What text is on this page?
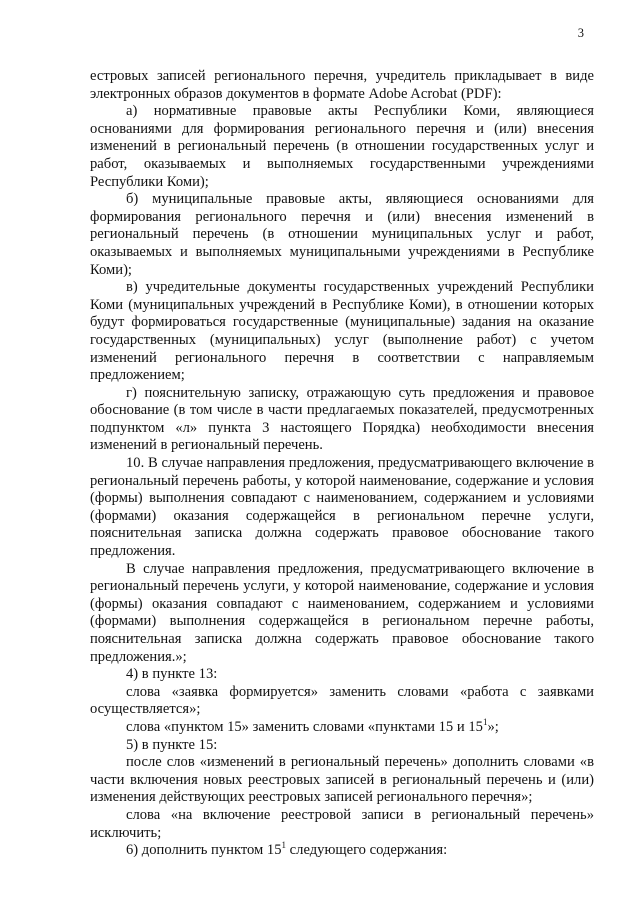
3

естровых записей регионального перечня, учредитель прикладывает в виде электронных образов документов в формате Adobe Acrobat (PDF):

а) нормативные правовые акты Республики Коми, являющиеся основаниями для формирования регионального перечня и (или) внесения изменений в региональный перечень (в отношении государственных услуг и работ, оказываемых и выполняемых государственными учреждениями Республики Коми);

б) муниципальные правовые акты, являющиеся основаниями для формирования регионального перечня и (или) внесения изменений в региональный перечень (в отношении муниципальных услуг и работ, оказываемых и выполняемых муниципальными учреждениями в Республике Коми);

в) учредительные документы государственных учреждений Республики Коми (муниципальных учреждений в Республике Коми), в отношении которых будут формироваться государственные (муниципальные) задания на оказание государственных (муниципальных) услуг (выполнение работ) с учетом изменений регионального перечня в соответствии с направляемым предложением;

г) пояснительную записку, отражающую суть предложения и правовое обоснование (в том числе в части предлагаемых показателей, предусмотренных подпунктом «л» пункта 3 настоящего Порядка) необходимости внесения изменений в региональный перечень.

10. В случае направления предложения, предусматривающего включение в региональный перечень работы, у которой наименование, содержание и условия (формы) выполнения совпадают с наименованием, содержанием и условиями (формами) оказания содержащейся в региональном перечне услуги, пояснительная записка должна содержать правовое обоснование такого предложения.

В случае направления предложения, предусматривающего включение в региональный перечень услуги, у которой наименование, содержание и условия (формы) оказания совпадают с наименованием, содержанием и условиями (формами) выполнения содержащейся в региональном перечне работы, пояснительная записка должна содержать правовое обоснование такого предложения.»;

4) в пункте 13:

слова «заявка формируется» заменить словами «работа с заявками осуществляется»;

слова «пунктом 15» заменить словами «пунктами 15 и $15^1$»;

5) в пункте 15:

после слов «изменений в региональный перечень» дополнить словами «в части включения новых реестровых записей в региональный перечень и (или) изменения действующих реестровых записей регионального перечня»;

слова «на включение реестровой записи в региональный перечень» исключить;

6) дополнить пунктом $15^1$ следующего содержания:
